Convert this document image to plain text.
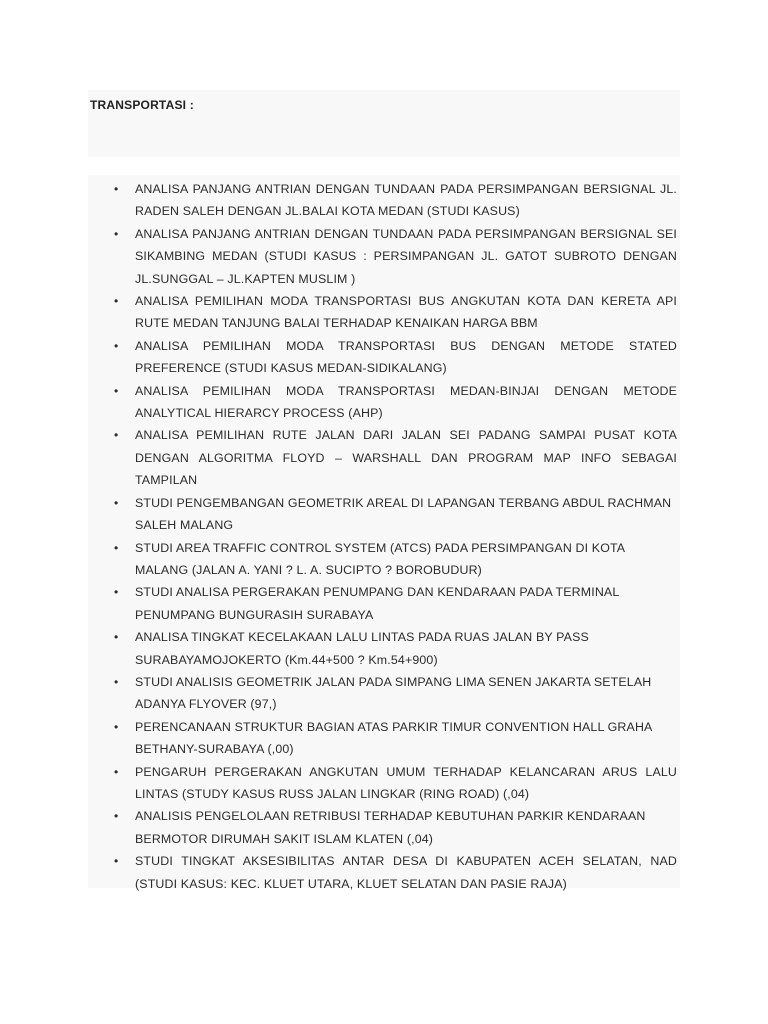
TRANSPORTASI :
• ANALISA PANJANG ANTRIAN DENGAN TUNDAAN PADA PERSIMPANGAN BERSIGNAL JL. RADEN SALEH DENGAN JL.BALAI KOTA MEDAN (STUDI KASUS)
• ANALISA PANJANG ANTRIAN DENGAN TUNDAAN PADA PERSIMPANGAN BERSIGNAL SEI SIKAMBING MEDAN (STUDI KASUS : PERSIMPANGAN JL. GATOT SUBROTO DENGAN JL.SUNGGAL – JL.KAPTEN MUSLIM )
• ANALISA PEMILIHAN MODA TRANSPORTASI BUS ANGKUTAN KOTA DAN KERETA API RUTE MEDAN TANJUNG BALAI TERHADAP KENAIKAN HARGA BBM
• ANALISA PEMILIHAN MODA TRANSPORTASI BUS DENGAN METODE STATED PREFERENCE (STUDI KASUS MEDAN-SIDIKALANG)
• ANALISA PEMILIHAN MODA TRANSPORTASI MEDAN-BINJAI DENGAN METODE ANALYTICAL HIERARCY PROCESS (AHP)
• ANALISA PEMILIHAN RUTE JALAN DARI JALAN SEI PADANG SAMPAI PUSAT KOTA DENGAN ALGORITMA FLOYD – WARSHALL DAN PROGRAM MAP INFO SEBAGAI TAMPILAN
• STUDI PENGEMBANGAN GEOMETRIK AREAL DI LAPANGAN TERBANG ABDUL RACHMAN SALEH MALANG
• STUDI AREA TRAFFIC CONTROL SYSTEM (ATCS) PADA PERSIMPANGAN DI KOTA MALANG (JALAN A. YANI ? L. A. SUCIPTO ? BOROBUDUR)
• STUDI ANALISA PERGERAKAN PENUMPANG DAN KENDARAAN PADA TERMINAL PENUMPANG BUNGURASIH SURABAYA
• ANALISA TINGKAT KECELAKAAN LALU LINTAS PADA RUAS JALAN BY PASS SURABAYAMOJOKERTO (Km.44+500 ? Km.54+900)
• STUDI ANALISIS GEOMETRIK JALAN PADA SIMPANG LIMA SENEN JAKARTA SETELAH ADANYA FLYOVER (97,)
• PERENCANAAN STRUKTUR BAGIAN ATAS PARKIR TIMUR CONVENTION HALL GRAHA BETHANY-SURABAYA (,00)
• PENGARUH PERGERAKAN ANGKUTAN UMUM TERHADAP KELANCARAN ARUS LALU LINTAS (STUDY KASUS RUSS JALAN LINGKAR (RING ROAD) (,04)
• ANALISIS PENGELOLAAN RETRIBUSI TERHADAP KEBUTUHAN PARKIR KENDARAAN BERMOTOR DIRUMAH SAKIT ISLAM KLATEN (,04)
• STUDI TINGKAT AKSESIBILITAS ANTAR DESA DI KABUPATEN ACEH SELATAN, NAD (STUDI KASUS: KEC. KLUET UTARA, KLUET SELATAN DAN PASIE RAJA)
